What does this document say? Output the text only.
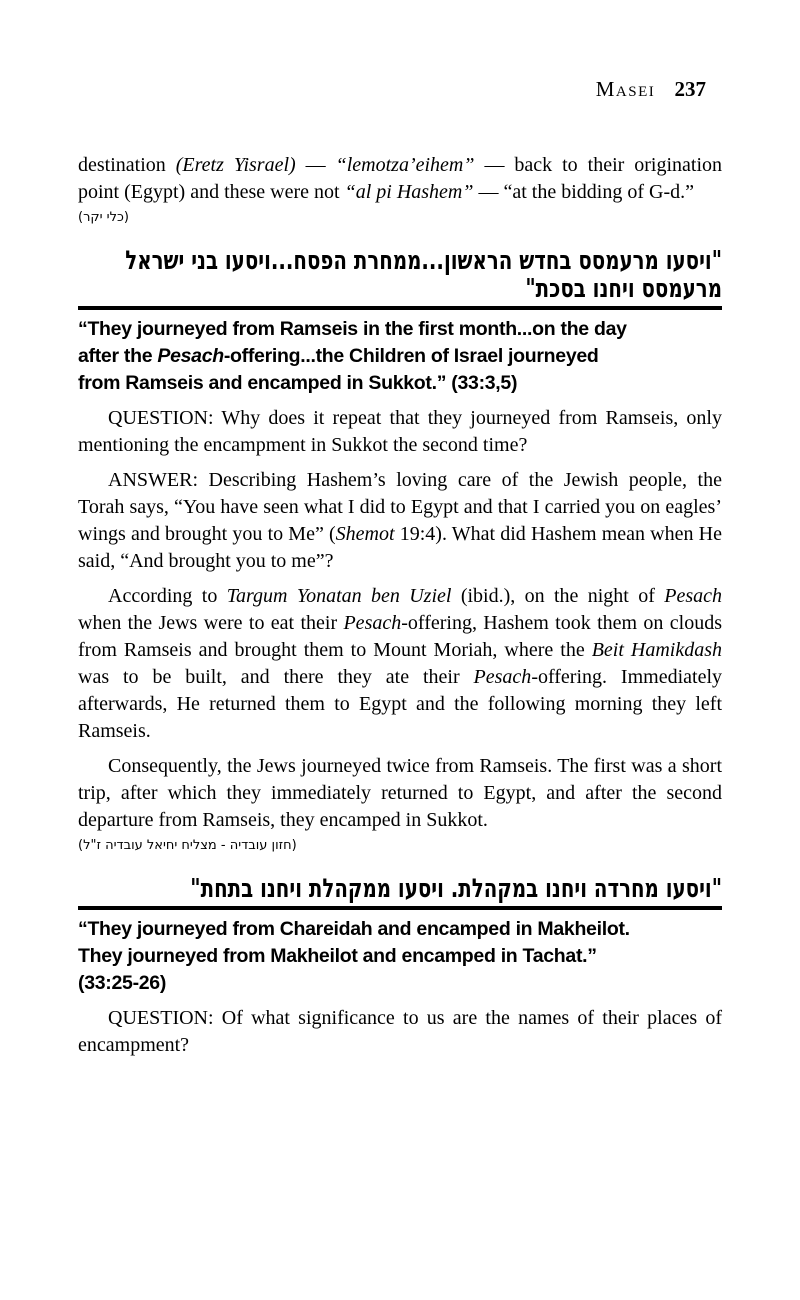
Masei 237

destination (Eretz Yisrael) — “lemotza’eihem” — back to their origination point (Egypt) and these were not “al pi Hashem” — “at the bidding of G-d.”

(כלי יקר)
"ויסעו מרעמסס בחדש הראשון...ממחרת הפסח...ויסעו בני ישראל
מרעמסס ויחנו בסכת"
“They journeyed from Ramseis in the first month...on the day
after the Pesach-offering...the Children of Israel journeyed
from Ramseis and encamped in Sukkot.” (33:3,5)

QUESTION: Why does it repeat that they journeyed from Ramseis, only mentioning the encampment in Sukkot the second time?

ANSWER: Describing Hashem’s loving care of the Jewish people, the Torah says, “You have seen what I did to Egypt and that I carried you on eagles’ wings and brought you to Me” (Shemot 19:4). What did Hashem mean when He said, “And brought you to me”?

According to Targum Yonatan ben Uziel (ibid.), on the night of Pesach when the Jews were to eat their Pesach-offering, Hashem took them on clouds from Ramseis and brought them to Mount Moriah, where the Beit Hamikdash was to be built, and there they ate their Pesach-offering. Immediately afterwards, He returned them to Egypt and the following morning they left Ramseis.

Consequently, the Jews journeyed twice from Ramseis. The first was a short trip, after which they immediately returned to Egypt, and after the second departure from Ramseis, they encamped in Sukkot.

(חזון עובדיה - מצליח יחיאל עובדיה ז"ל)
"ויסעו מחרדה ויחנו במקהלת. ויסעו ממקהלת ויחנו בתחת"
“They journeyed from Chareidah and encamped in Makheilot.
They journeyed from Makheilot and encamped in Tachat.”
(33:25-26)

QUESTION: Of what significance to us are the names of their places of encampment?
